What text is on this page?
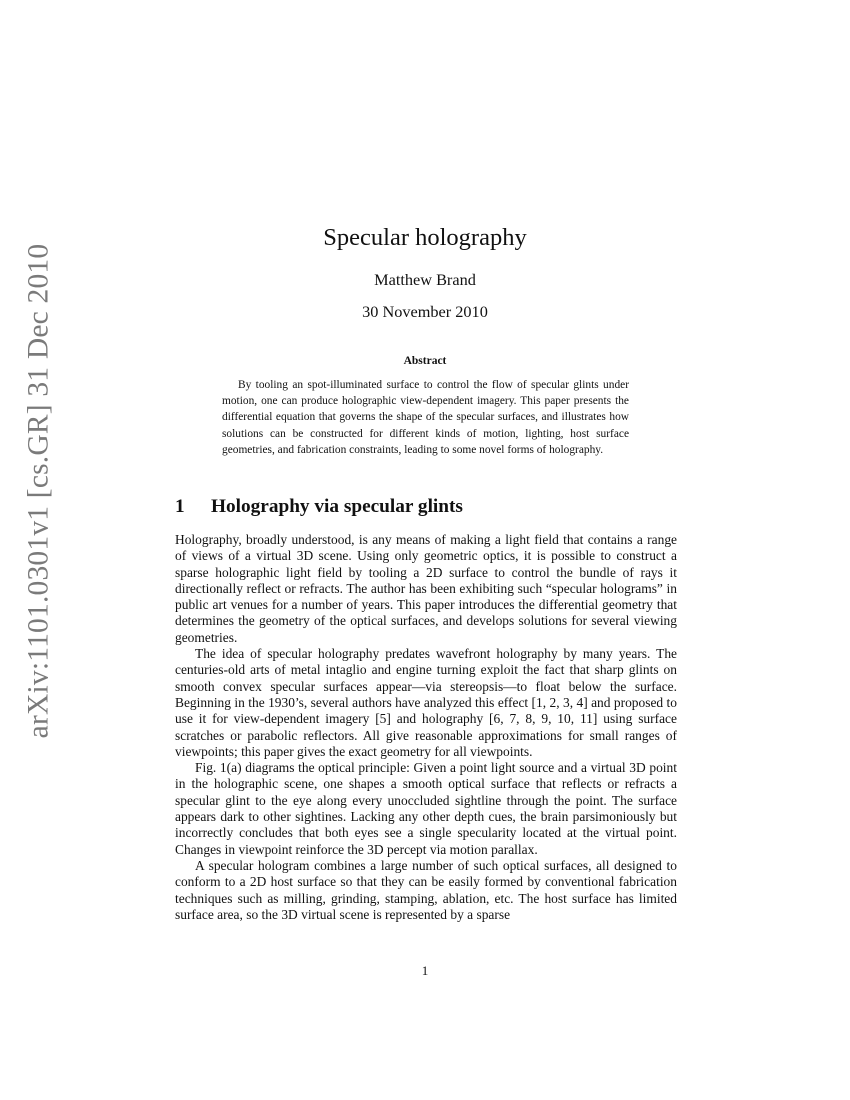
arXiv:1101.0301v1 [cs.GR] 31 Dec 2010
Specular holography
Matthew Brand
30 November 2010
Abstract
By tooling an spot-illuminated surface to control the flow of specular glints under motion, one can produce holographic view-dependent imagery. This paper presents the differential equation that governs the shape of the specular surfaces, and illustrates how solutions can be constructed for different kinds of motion, lighting, host surface geometries, and fabrication constraints, leading to some novel forms of holography.
1 Holography via specular glints

Holography, broadly understood, is any means of making a light field that contains a range of views of a virtual 3D scene. Using only geometric optics, it is possible to construct a sparse holographic light field by tooling a 2D surface to control the bundle of rays it directionally reflect or refracts. The author has been exhibiting such “specular holograms” in public art venues for a number of years. This paper introduces the differential geometry that determines the geometry of the optical surfaces, and develops solutions for several viewing geometries.

The idea of specular holography predates wavefront holography by many years. The centuries-old arts of metal intaglio and engine turning exploit the fact that sharp glints on smooth convex specular surfaces appear—via stereopsis—to float below the surface. Beginning in the 1930’s, several authors have analyzed this effect [1, 2, 3, 4] and proposed to use it for view-dependent imagery [5] and holography [6, 7, 8, 9, 10, 11] using surface scratches or parabolic reflectors. All give reasonable approximations for small ranges of viewpoints; this paper gives the exact geometry for all viewpoints.

Fig. 1(a) diagrams the optical principle: Given a point light source and a virtual 3D point in the holographic scene, one shapes a smooth optical surface that reflects or refracts a specular glint to the eye along every unoccluded sightline through the point. The surface appears dark to other sightines. Lacking any other depth cues, the brain parsimoniously but incorrectly concludes that both eyes see a single specularity located at the virtual point. Changes in viewpoint reinforce the 3D percept via motion parallax.

A specular hologram combines a large number of such optical surfaces, all designed to conform to a 2D host surface so that they can be easily formed by conventional fabrication techniques such as milling, grinding, stamping, ablation, etc. The host surface has limited surface area, so the 3D virtual scene is represented by a sparse

1
